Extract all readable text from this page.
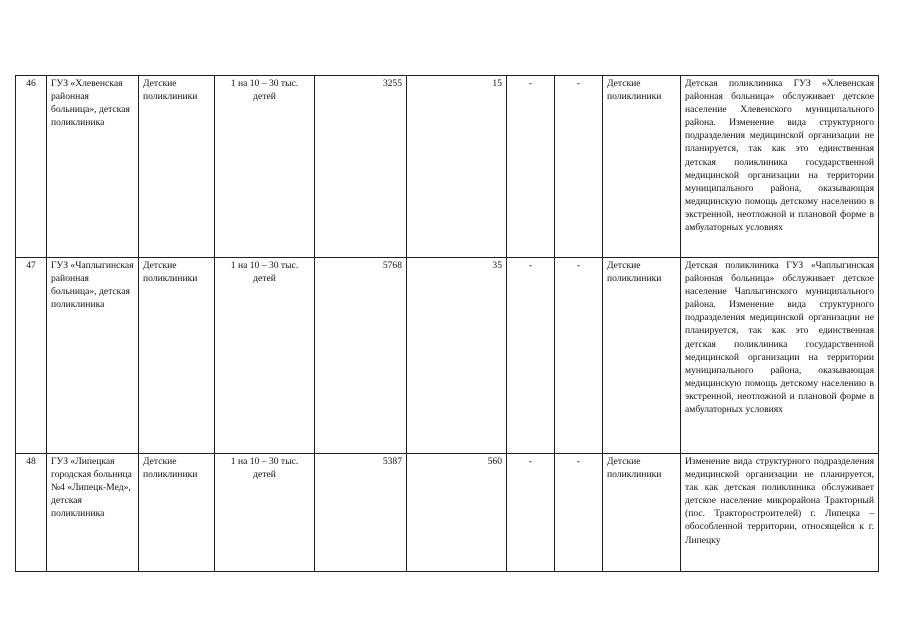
46	ГУЗ «Хлевенская районная больница», детская поликлиника	Детские поликлиники	1 на 10 – 30 тыс. детей	3255	15	-	-	Детские поликлиники	Детская поликлиника ГУЗ «Хлевенская районная больница» обслуживает детское население Хлевенского муниципального района. Изменение вида структурного подразделения медицинской организации не планируется, так как это единственная детская поликлиника государственной медицинской организации на территории муниципального района, оказывающая медицинскую помощь детскому населению в экстренной, неотложной и плановой форме в амбулаторных условиях
47	ГУЗ «Чаплыгинская районная больница», детская поликлиника	Детские поликлиники	1 на 10 – 30 тыс. детей	5768	35	-	-	Детские поликлиники	Детская поликлиника ГУЗ «Чаплыгинская районная больница» обслуживает детское население Чаплыгинского муниципального района. Изменение вида структурного подразделения медицинской организации не планируется, так как это единственная детская поликлиника государственной медицинской организации на территории муниципального района, оказывающая медицинскую помощь детскому населению в экстренной, неотложной и плановой форме в амбулаторных условиях
48	ГУЗ «Липецкая городская больница №4 «Липецк-Мед», детская поликлиника	Детские поликлиники	1 на 10 – 30 тыс. детей	5387	560	-	-	Детские поликлиники	Изменение вида структурного подразделения медицинской организации не планируется, так как детская поликлиника обслуживает детское население микрорайона Тракторный (пос. Тракторостроителей) г. Липецка – обособленной территории, относящейся к г. Липецку
